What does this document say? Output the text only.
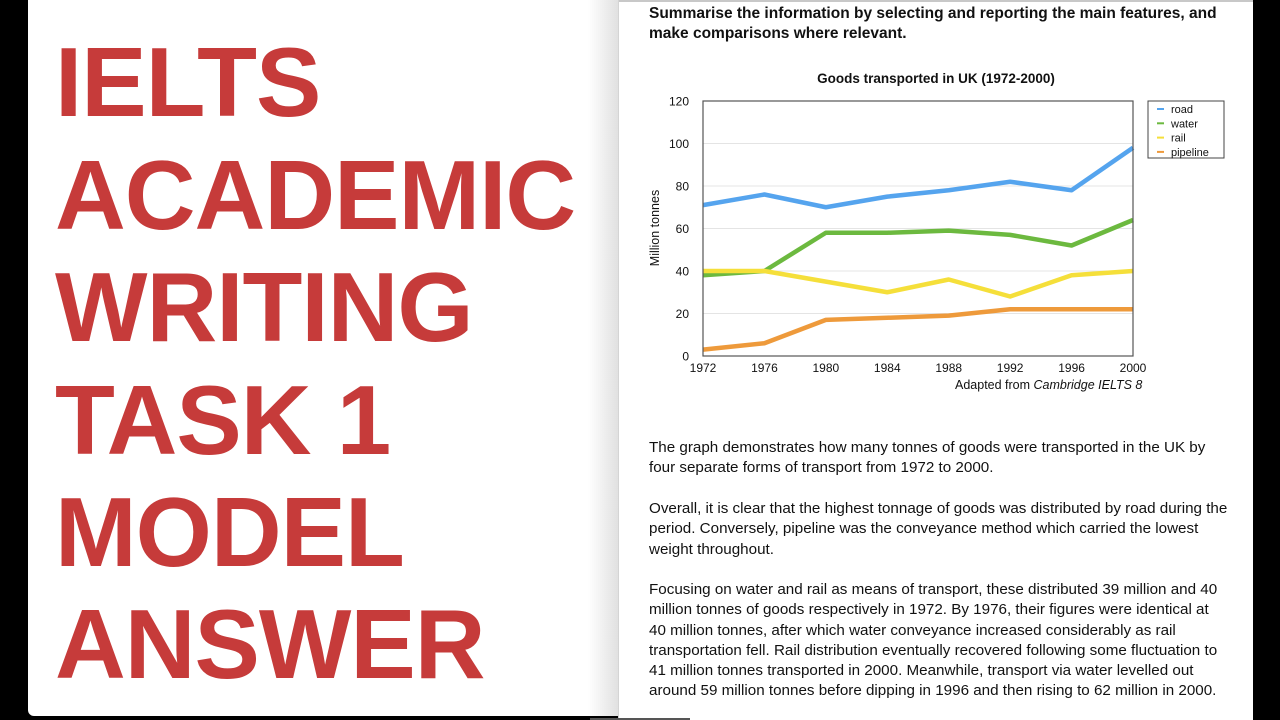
IELTS
ACADEMIC
WRITING
TASK 1
MODEL
ANSWER
Summarise the information by selecting and reporting the main features, and make comparisons where relevant.
Goods transported in UK (1972-2000)
0
20
40
60
80
100
120
1972	1976	1980	1984	1988	1992	1996	2000
Million tonnes
road
water
rail
pipeline
Adapted from Cambridge IELTS 8
The graph demonstrates how many tonnes of goods were transported in the UK by four separate forms of transport from 1972 to 2000.
Overall, it is clear that the highest tonnage of goods was distributed by road during the period. Conversely, pipeline was the conveyance method which carried the lowest weight throughout.
Focusing on water and rail as means of transport, these distributed 39 million and 40 million tonnes of goods respectively in 1972. By 1976, their figures were identical at 40 million tonnes, after which water conveyance increased considerably as rail transportation fell. Rail distribution eventually recovered following some fluctuation to 41 million tonnes transported in 2000. Meanwhile, transport via water levelled out around 59 million tonnes before dipping in 1996 and then rising to 62 million in 2000.
